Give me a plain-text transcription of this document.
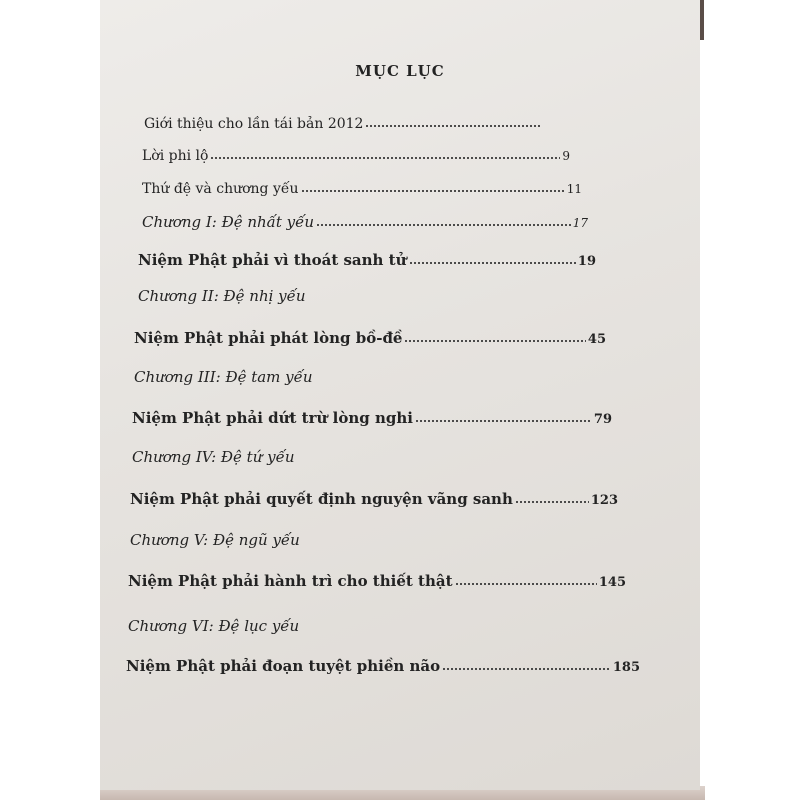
MỤC LỤC
Giới thiệu cho lần tái bản 2012
Lời phi lộ	9
Thứ đệ và chương yếu	11
Chương I: Đệ nhất yếu	17
Niệm Phật phải vì thoát sanh tử	19
Chương II: Đệ nhị yếu
Niệm Phật phải phát lòng bồ-đề	45
Chương III: Đệ tam yếu
Niệm Phật phải dứt trừ lòng nghi	79
Chương IV: Đệ tứ yếu
Niệm Phật phải quyết định nguyện vãng sanh	123
Chương V: Đệ ngũ yếu
Niệm Phật phải hành trì cho thiết thật	145
Chương VI: Đệ lục yếu
Niệm Phật phải đoạn tuyệt phiền não	185
